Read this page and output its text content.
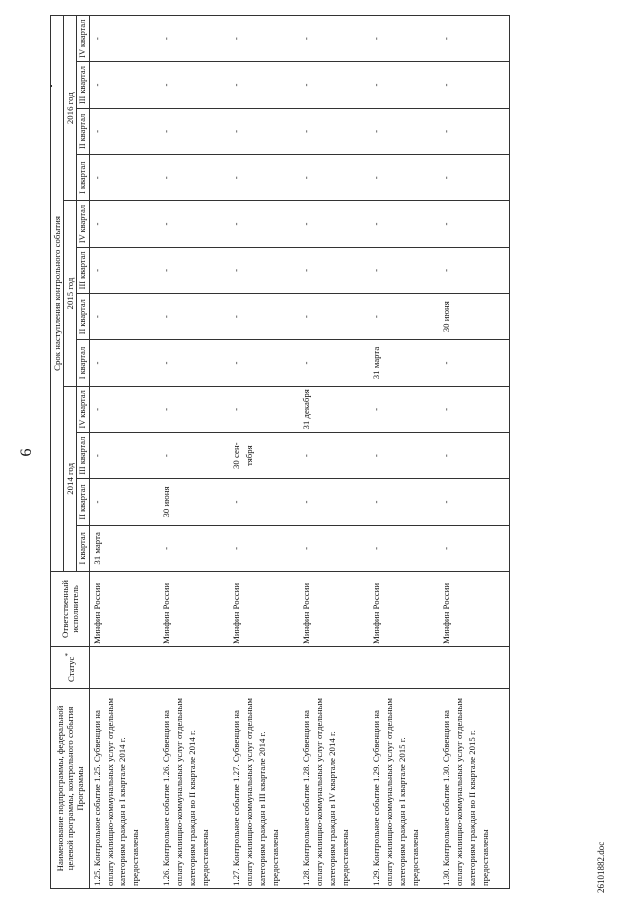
6
Наименование подпрограммы, федеральной целевой программы, контрольного события Программы	Статус*	Ответственный исполнитель	Срок наступления контрольного события											
			2014 год				2015 год				2016 год			
			I квартал	II квартал	III квартал	IV квартал	I квартал	II квартал	III квартал	IV квартал	I квартал	II квартал	III квартал	IV квартал
1.25. Контрольное событие 1.25. Субвенции на оплату жилищно-коммунальных услуг отдельным категориям граждан в I квартале 2014 г. предоставлены		Минфин России	31 марта	-	-	-	-	-	-	-	-	-	-	-
1.26. Контрольное событие 1.26. Субвенции на оплату жилищно-коммунальных услуг отдельным категориям граждан во II квартале 2014 г. предоставлены		Минфин России	-	30 июня	-	-	-	-	-	-	-	-	-	-
1.27. Контрольное событие 1.27. Субвенции на оплату жилищно-коммунальных услуг отдельным категориям граждан в III квартале 2014 г. предоставлены		Минфин России	-	-	30 сен-тября	-	-	-	-	-	-	-	-	-
1.28. Контрольное событие 1.28. Субвенции на оплату жилищно-коммунальных услуг отдельным категориям граждан в IV квартале 2014 г. предоставлены		Минфин России	-	-	-	31 декабря	-	-	-	-	-	-	-	-
1.29. Контрольное событие 1.29. Субвенции на оплату жилищно-коммунальных услуг отдельным категориям граждан в I квартале 2015 г. предоставлены		Минфин России	-	-	-	-	31 марта	-	-	-	-	-	-	-
1.30. Контрольное событие 1.30. Субвенции на оплату жилищно-коммунальных услуг отдельным категориям граждан во II квартале 2015 г. предоставлены		Минфин России	-	-	-	-	-	30 июня	-	-	-	-	-	-
26101882.doc
